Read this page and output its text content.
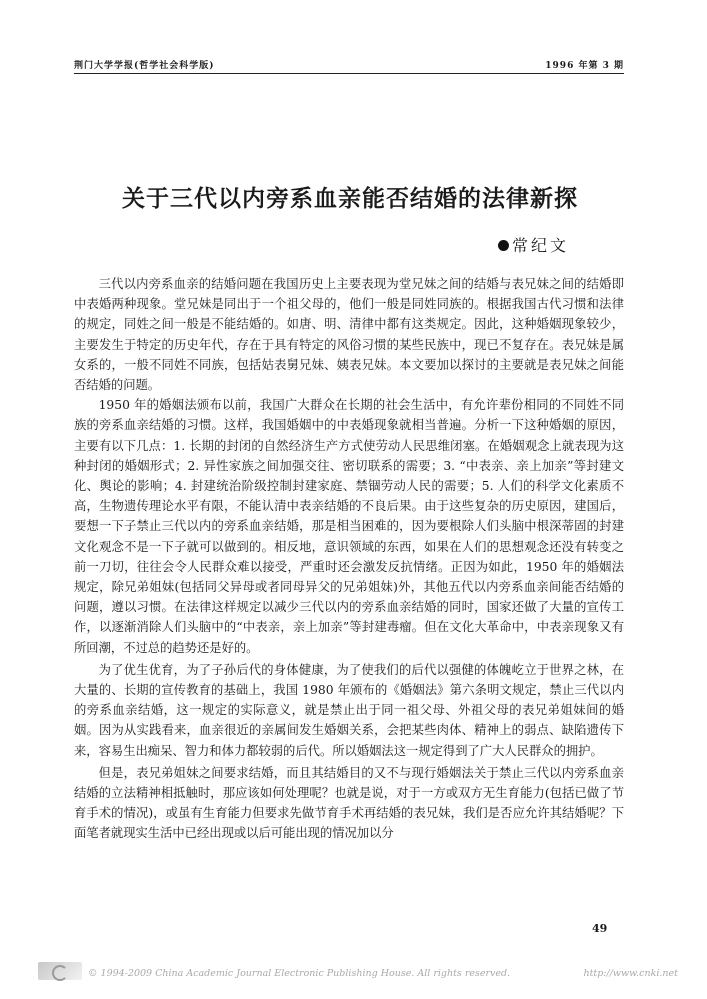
荆门大学学报(哲学社会科学版)	1996 年第 3 期
关于三代以内旁系血亲能否结婚的法律新探
常纪文

三代以内旁系血亲的结婚问题在我国历史上主要表现为堂兄妹之间的结婚与表兄妹之间的结婚即中表婚两种现象。堂兄妹是同出于一个祖父母的，他们一般是同姓同族的。根据我国古代习惯和法律的规定，同姓之间一般是不能结婚的。如唐、明、清律中都有这类规定。因此，这种婚姻现象较少，主要发生于特定的历史年代，存在于具有特定的风俗习惯的某些民族中，现已不复存在。表兄妹是属女系的，一般不同姓不同族，包括姑表舅兄妹、姨表兄妹。本文要加以探讨的主要就是表兄妹之间能否结婚的问题。

1950 年的婚姻法颁布以前，我国广大群众在长期的社会生活中，有允许辈份相同的不同姓不同族的旁系血亲结婚的习惯。这样，我国婚姻中的中表婚现象就相当普遍。分析一下这种婚姻的原因，主要有以下几点：1. 长期的封闭的自然经济生产方式使劳动人民思维闭塞。在婚姻观念上就表现为这种封闭的婚姻形式；2. 异性家族之间加强交往、密切联系的需要；3. “中表亲、亲上加亲”等封建文化、舆论的影响；4. 封建统治阶级控制封建家庭、禁锢劳动人民的需要；5. 人们的科学文化素质不高，生物遗传理论水平有限，不能认清中表亲结婚的不良后果。由于这些复杂的历史原因，建国后，要想一下子禁止三代以内的旁系血亲结婚，那是相当困难的，因为要根除人们头脑中根深蒂固的封建文化观念不是一下子就可以做到的。相反地，意识领域的东西，如果在人们的思想观念还没有转变之前一刀切，往往会令人民群众难以接受，严重时还会激发反抗情绪。正因为如此，1950 年的婚姻法规定，除兄弟姐妹(包括同父异母或者同母异父的兄弟姐妹)外，其他五代以内旁系血亲间能否结婚的问题，遵以习惯。在法律这样规定以减少三代以内的旁系血亲结婚的同时，国家还做了大量的宣传工作，以逐渐消除人们头脑中的“中表亲，亲上加亲”等封建毒瘤。但在文化大革命中，中表亲现象又有所回潮，不过总的趋势还是好的。

为了优生优育，为了子孙后代的身体健康，为了使我们的后代以强健的体魄屹立于世界之林，在大量的、长期的宣传教育的基础上，我国 1980 年颁布的《婚姻法》第六条明文规定，禁止三代以内的旁系血亲结婚，这一规定的实际意义，就是禁止出于同一祖父母、外祖父母的表兄弟姐妹间的婚姻。因为从实践看来，血亲很近的亲属间发生婚姻关系，会把某些肉体、精神上的弱点、缺陷遗传下来，容易生出痴呆、智力和体力都较弱的后代。所以婚姻法这一规定得到了广大人民群众的拥护。

但是，表兄弟姐妹之间要求结婚，而且其结婚目的又不与现行婚姻法关于禁止三代以内旁系血亲结婚的立法精神相抵触时，那应该如何处理呢？也就是说，对于一方或双方无生育能力(包括已做了节育手术的情况)，或虽有生育能力但要求先做节育手术再结婚的表兄妹，我们是否应允许其结婚呢？下面笔者就现实生活中已经出现或以后可能出现的情况加以分

49
© 1994-2009 China Academic Journal Electronic Publishing House. All rights reserved.	http://www.cnki.net
